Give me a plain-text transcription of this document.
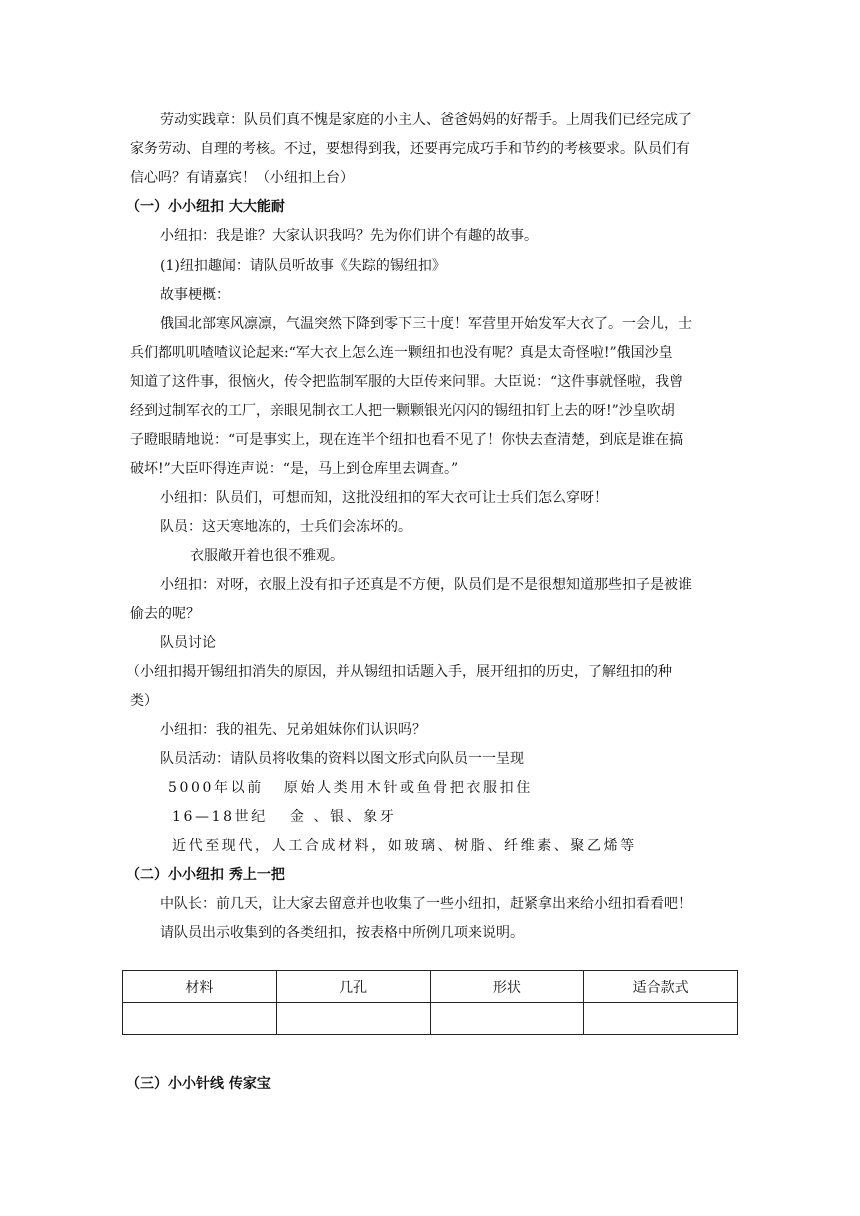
劳动实践章：队员们真不愧是家庭的小主人、爸爸妈妈的好帮手。上周我们已经完成了
家务劳动、自理的考核。不过，要想得到我，还要再完成巧手和节约的考核要求。队员们有
信心吗？有请嘉宾！（小纽扣上台）
（一）小小纽扣 大大能耐
小纽扣：我是谁？大家认识我吗？先为你们讲个有趣的故事。
(1)纽扣趣闻：请队员听故事《失踪的锡纽扣》
故事梗概：
俄国北部寒风凛凛，气温突然下降到零下三十度！军营里开始发军大衣了。一会儿，士
兵们都叽叽喳喳议论起来:“军大衣上怎么连一颗纽扣也没有呢？真是太奇怪啦!”俄国沙皇
知道了这件事，很恼火，传令把监制军服的大臣传来问罪。大臣说：“这件事就怪啦，我曾
经到过制军衣的工厂，亲眼见制衣工人把一颗颗银光闪闪的锡纽扣钉上去的呀!”沙皇吹胡
子瞪眼睛地说：“可是事实上，现在连半个纽扣也看不见了！你快去查清楚，到底是谁在搞
破坏!”大臣吓得连声说：“是，马上到仓库里去调查。”
小纽扣：队员们，可想而知，这批没纽扣的军大衣可让士兵们怎么穿呀！
队员：这天寒地冻的，士兵们会冻坏的。
衣服敞开着也很不雅观。
小纽扣：对呀，衣服上没有扣子还真是不方便，队员们是不是很想知道那些扣子是被谁
偷去的呢？
队员讨论
（小纽扣揭开锡纽扣消失的原因，并从锡纽扣话题入手，展开纽扣的历史，了解纽扣的种
类）
小纽扣：我的祖先、兄弟姐妹你们认识吗？
队员活动：请队员将收集的资料以图文形式向队员一一呈现
5000年以前 原始人类用木针或鱼骨把衣服扣住
16—18世纪 金 、银、象牙
近代至现代，人工合成材料，如玻璃、树脂、纤维素、聚乙烯等
（二）小小纽扣 秀上一把
中队长：前几天，让大家去留意并也收集了一些小纽扣，赶紧拿出来给小纽扣看看吧！
请队员出示收集到的各类纽扣，按表格中所例几项来说明。
材料	几孔	形状	适合款式

（三）小小针线 传家宝
